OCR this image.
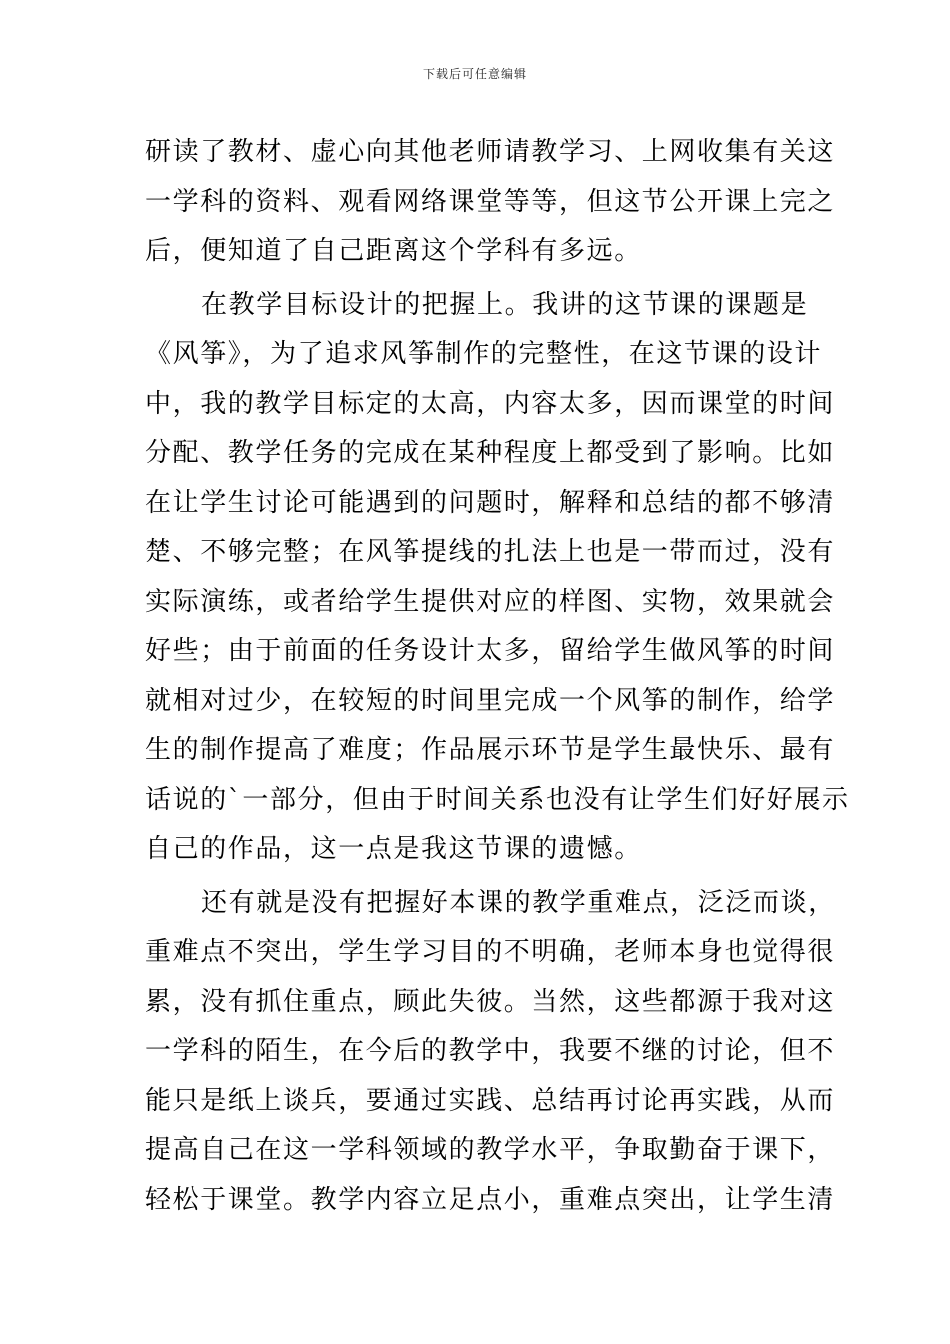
下载后可任意编辑
研读了教材、虚心向其他老师请教学习、上网收集有关这
一学科的资料、观看网络课堂等等，但这节公开课上完之
后，便知道了自己距离这个学科有多远。
在教学目标设计的把握上。我讲的这节课的课题是
《风筝》，为了追求风筝制作的完整性，在这节课的设计
中，我的教学目标定的太高，内容太多，因而课堂的时间
分配、教学任务的完成在某种程度上都受到了影响。比如
在让学生讨论可能遇到的问题时，解释和总结的都不够清
楚、不够完整；在风筝提线的扎法上也是一带而过，没有
实际演练，或者给学生提供对应的样图、实物，效果就会
好些；由于前面的任务设计太多，留给学生做风筝的时间
就相对过少，在较短的时间里完成一个风筝的制作，给学
生的制作提高了难度；作品展示环节是学生最快乐、最有
话说的`一部分，但由于时间关系也没有让学生们好好展示
自己的作品，这一点是我这节课的遗憾。
还有就是没有把握好本课的教学重难点，泛泛而谈，
重难点不突出，学生学习目的不明确，老师本身也觉得很
累，没有抓住重点，顾此失彼。当然，这些都源于我对这
一学科的陌生，在今后的教学中，我要不继的讨论，但不
能只是纸上谈兵，要通过实践、总结再讨论再实践，从而
提高自己在这一学科领域的教学水平，争取勤奋于课下，
轻松于课堂。教学内容立足点小，重难点突出，让学生清
